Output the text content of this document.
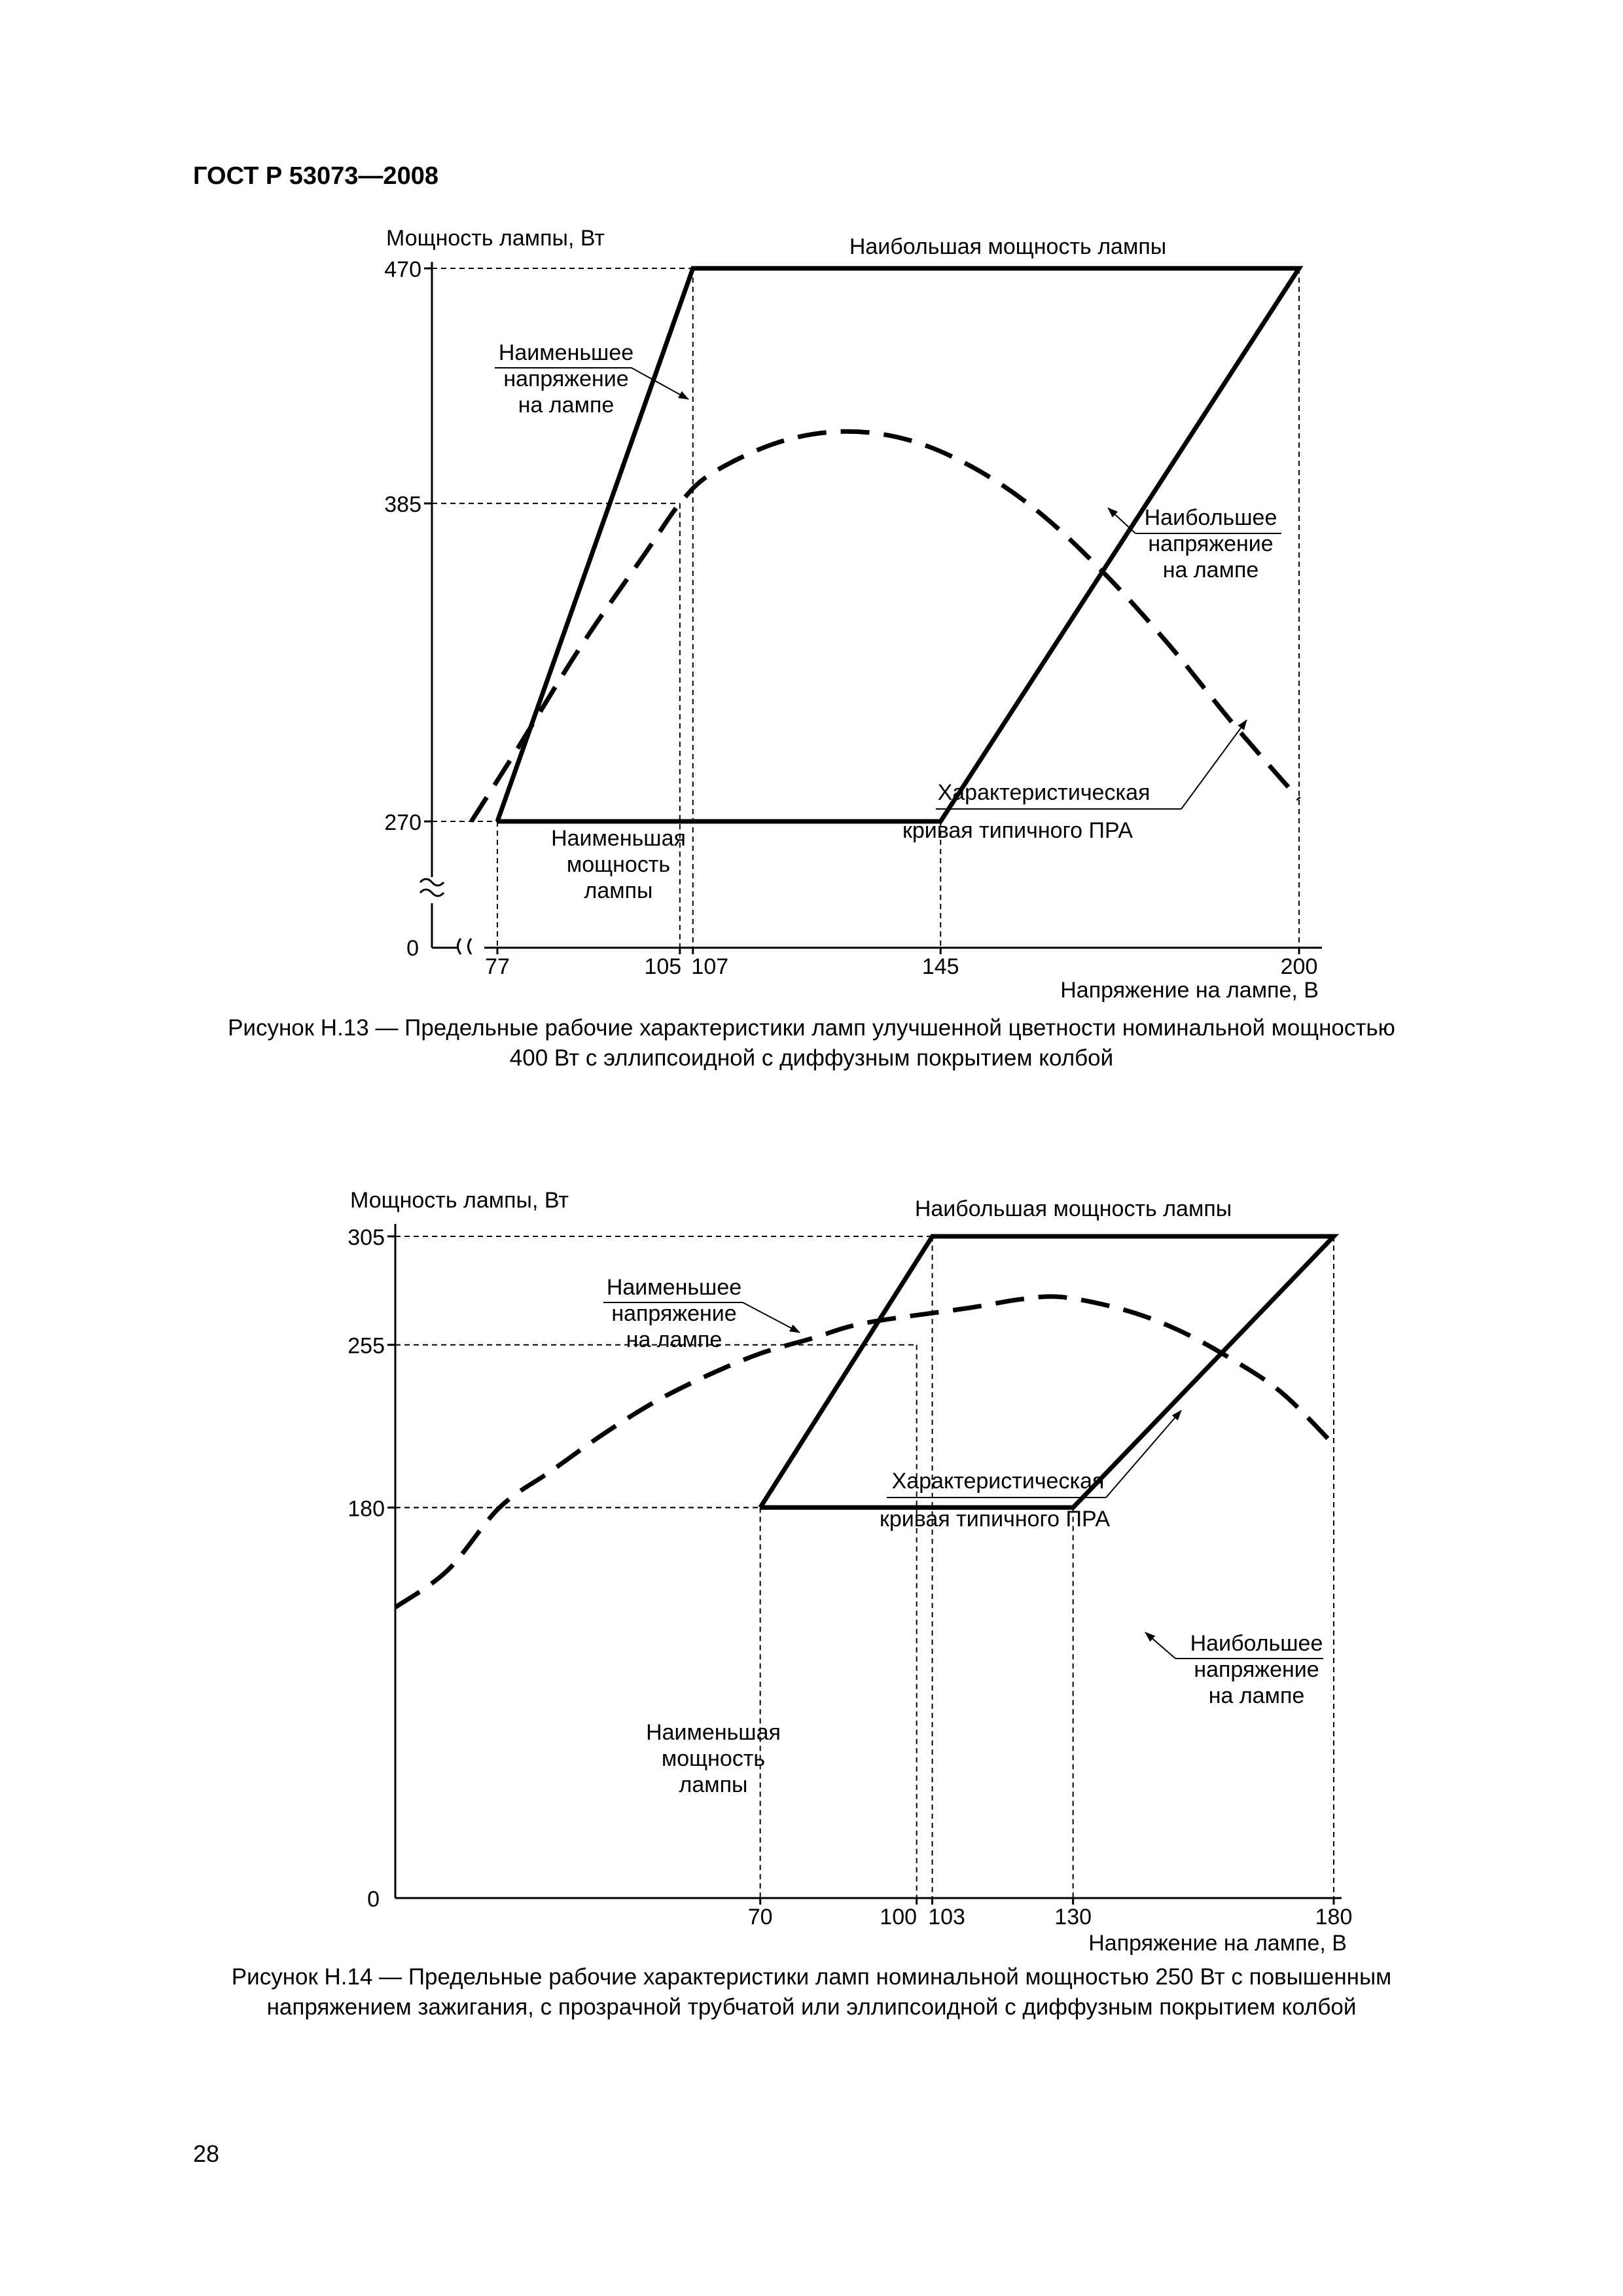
ГОСТ Р 53073—2008
270
385
470
0
77	105 107	145	200
Мощность лампы, Вт
Напряжение на лампе, В
Наибольшая мощность лампы
Наименьшее
напряжение
на лампе
Наибольшее
напряжение
на лампе
Наименьшая
мощность
лампы
Характеристическая
кривая типичного ПРА
Рисунок Н.13 — Предельные рабочие характеристики ламп улучшенной цветности номинальной мощностью
400 Вт с эллипсоидной с диффузным покрытием колбой
0
180
255
305
70	100 103	130	180
Мощность лампы, Вт
Напряжение на лампе, В
Наибольшая мощность лампы
Наименьшее
напряжение
на лампе
Характеристическая
кривая типичного ПРА
Наибольшее
напряжение
на лампе
Наименьшая
мощность
лампы
Рисунок Н.14 — Предельные рабочие характеристики ламп номинальной мощностью 250 Вт с повышенным
напряжением зажигания, с прозрачной трубчатой или эллипсоидной с диффузным покрытием колбой
28
